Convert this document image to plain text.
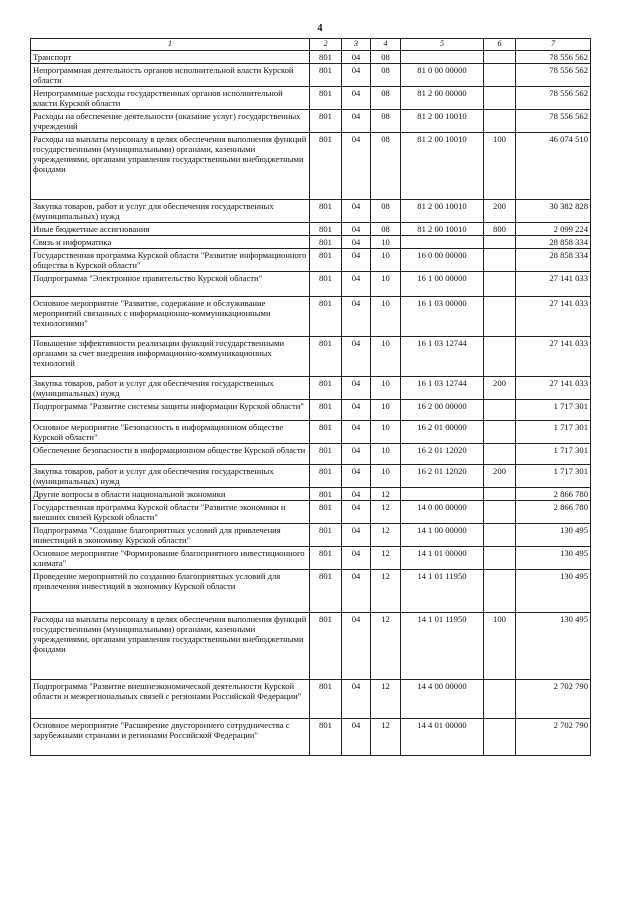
4
1	2	3	4	5	6	7
Транспорт	801	04	08			78 556 562
Непрограммная деятельность органов исполнительной власти Курской области	801	04	08	81 0 00 00000		78 556 562
Непрограммные расходы государственных органов исполнительной власти Курской области	801	04	08	81 2 00 00000		78 556 562
Расходы на обеспечение деятельности (оказание услуг) государственных учреждений	801	04	08	81 2 00 10010		78 556 562
Расходы на выплаты персоналу в целях обеспечения выполнения функций государственными (муниципальными) органами, казенными учреждениями, органами управления государственными внебюджетными фондами	801	04	08	81 2 00 10010	100	46 074 510
Закупка товаров, работ и услуг для обеспечения государственных (муниципальных) нужд	801	04	08	81 2 00 10010	200	30 382 828
Иные бюджетные ассигнования	801	04	08	81 2 00 10010	800	2 099 224
Связь и информатика	801	04	10			28 858 334
Государственная программа Курской области "Развитие информационного общества в Курской области"	801	04	10	16 0 00 00000		28 858 334
Подпрограмма "Электронное правительство Курской области"	801	04	10	16 1 00 00000		27 141 033
Основное мероприятие "Развитие, содержание и обслуживание мероприятий связанных с информационно-коммуникационными технологиями"	801	04	10	16 1 03 00000		27 141 033
Повышение эффективности реализации функций государственными органами за счет внедрения информационно-коммуникационных технологий	801	04	10	16 1 03 12744		27 141 033
Закупка товаров, работ и услуг для обеспечения государственных (муниципальных) нужд	801	04	10	16 1 03 12744	200	27 141 033
Подпрограмма "Развитие системы защиты информации Курской области"	801	04	10	16 2 00 00000		1 717 301
Основное мероприятие "Безопасность в информационном обществе Курской области"	801	04	10	16 2 01 00000		1 717 301
Обеспечение безопасности в информационном обществе Курской области	801	04	10	16 2 01 12020		1 717 301
Закупка товаров, работ и услуг для обеспечения государственных (муниципальных) нужд	801	04	10	16 2 01 12020	200	1 717 301
Другие вопросы в области национальной экономики	801	04	12			2 866 780
Государственная программа Курской области "Развитие экономики и внешних связей Курской области"	801	04	12	14 0 00 00000		2 866 780
Подпрограмма "Создание благоприятных условий для привлечения инвестиций в экономику Курской области"	801	04	12	14 1 00 00000		130 495
Основное мероприятие "Формирование благоприятного инвестиционного климата"	801	04	12	14 1 01 00000		130 495
Проведение мероприятий по созданию благоприятных условий для привлечения инвестиций в экономику Курской области	801	04	12	14 1 01 11950		130 495
Расходы на выплаты персоналу в целях обеспечения выполнения функций государственными (муниципальными) органами, казенными учреждениями, органами управления государственными внебюджетными фондами	801	04	12	14 1 01 11950	100	130 495
Подпрограмма "Развитие внешнеэкономической деятельности Курской области и межрегиональных связей с регионами Российской Федерации"	801	04	12	14 4 00 00000		2 702 790
Основное мероприятие "Расширение двустороннего сотрудничества с зарубежными странами и регионами Российской Федерации"	801	04	12	14 4 01 00000		2 702 790
